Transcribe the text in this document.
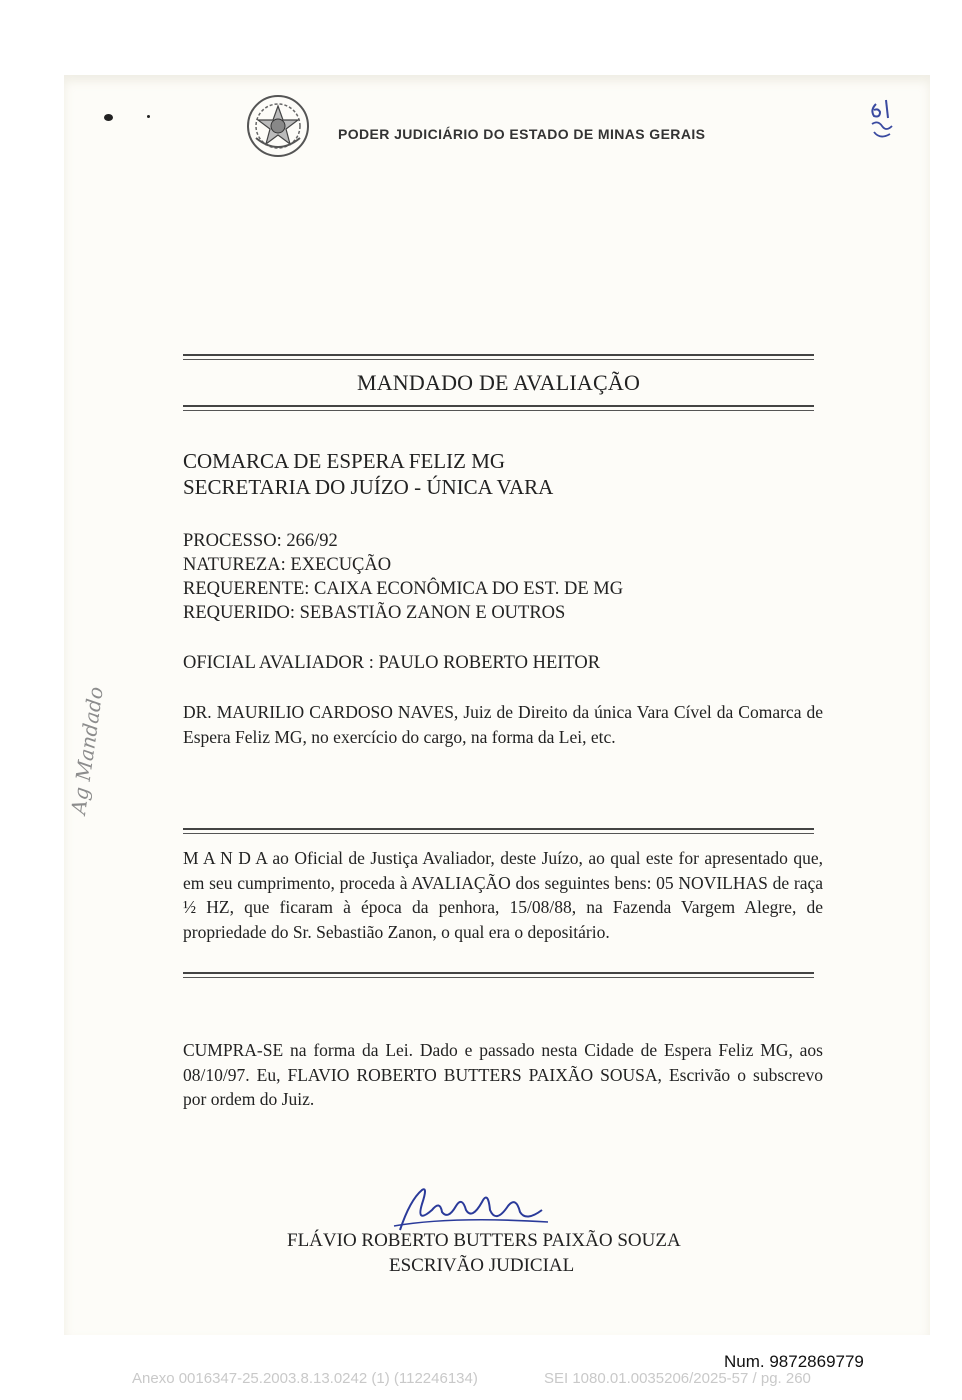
PODER JUDICIÁRIO DO ESTADO DE MINAS GERAIS
Ag Mandado
MANDADO DE AVALIAÇÃO
COMARCA DE ESPERA FELIZ MG
SECRETARIA DO JUÍZO - ÚNICA VARA
PROCESSO: 266/92
NATUREZA: EXECUÇÃO
REQUERENTE: CAIXA ECONÔMICA DO EST. DE MG
REQUERIDO: SEBASTIÃO ZANON E OUTROS
OFICIAL AVALIADOR : PAULO ROBERTO HEITOR
DR. MAURILIO CARDOSO NAVES, Juiz de Direito da única Vara Cível da Comarca de Espera Feliz MG, no exercício do cargo, na forma da Lei, etc.
M A N D A ao Oficial de Justiça Avaliador, deste Juízo, ao qual este for apresentado que, em seu cumprimento, proceda à AVALIAÇÃO dos seguintes bens: 05 NOVILHAS de raça ½ HZ, que ficaram à época da penhora, 15/08/88, na Fazenda Vargem Alegre, de propriedade do Sr. Sebastião Zanon, o qual era o depositário.
CUMPRA-SE na forma da Lei. Dado e passado nesta Cidade de Espera Feliz MG, aos 08/10/97. Eu, FLAVIO ROBERTO BUTTERS PAIXÃO SOUSA, Escrivão o subscrevo por ordem do Juiz.
FLÁVIO ROBERTO BUTTERS PAIXÃO SOUZA
ESCRIVÃO JUDICIAL
Num. 9872869779
Anexo 0016347-25.2003.8.13.0242 (1) (112246134)	SEI 1080.01.0035206/2025-57 / pg. 260
